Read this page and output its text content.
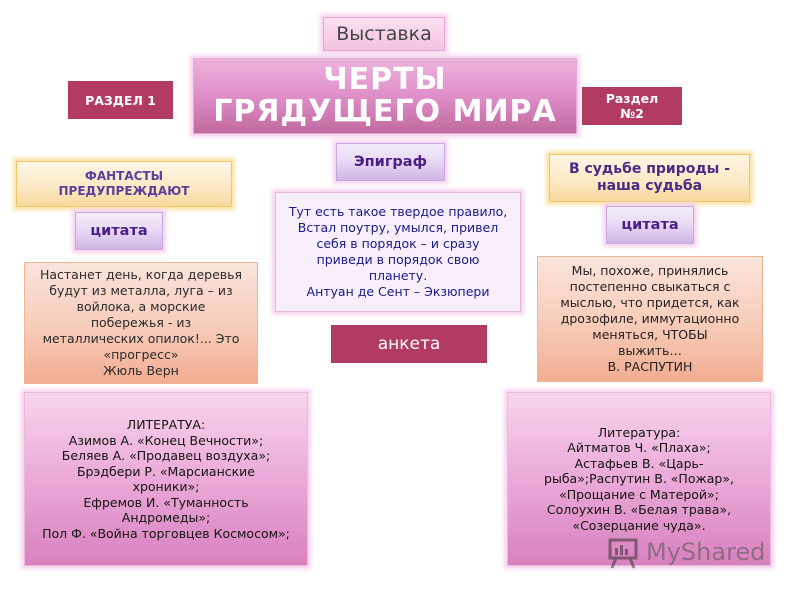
Выставка
ЧЕРТЫ ГРЯДУЩЕГО МИРА
РАЗДЕЛ 1	Раздел №2
Эпиграф
ФАНТАСТЫ ПРЕДУПРЕЖДАЮТ
В судьбе природы - наша судьба
цитата	цитата
Тут есть такое твердое правило,
Встал поутру, умылся, привел
себя в порядок – и сразу
приведи в порядок свою
планету.
Антуан де Сент – Экзюпери
анкета
Настанет день, когда деревья
будут из металла, луга – из
войлока, а морские
побережья - из
металлических опилок!... Это
«прогресс»
Жюль Верн
Мы, похоже, принялись
постепенно свыкаться с
мыслью, что придется, как
дрозофиле, иммутационно
меняться, ЧТОБЫ
выжить…
В. РАСПУТИН
ЛИТЕРАТУА:
Азимов А. «Конец Вечности»;
Беляев А. «Продавец воздуха»;
Брэдбери Р. «Марсианские
хроники»;
Ефремов И. «Туманность
Андромеды»;
Пол Ф. «Война торговцев Космосом»;
Литература:
Айтматов Ч. «Плаха»;
Астафьев В. «Царь-
рыба»;Распутин В. «Пожар»,
«Прощание с Матерой»;
Солоухин В. «Белая трава»,
«Созерцание чуда».
MyShared
